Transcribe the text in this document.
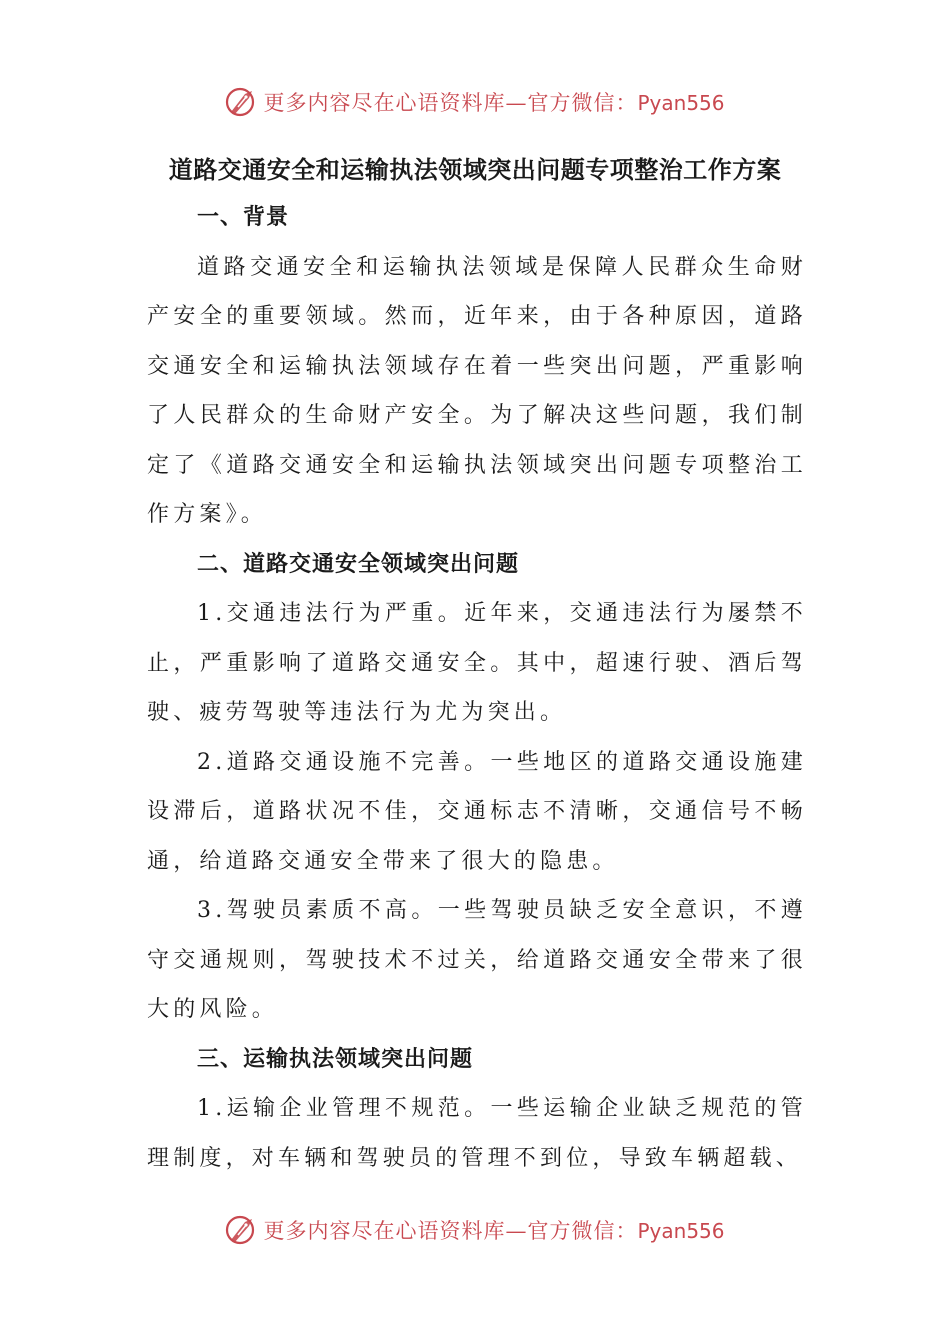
更多内容尽在心语资料库—官方微信：Pyan556
道路交通安全和运输执法领域突出问题专项整治工作方案
一、背景

道路交通安全和运输执法领域是保障人民群众生命财产安全的重要领域。然而，近年来，由于各种原因，道路交通安全和运输执法领域存在着一些突出问题，严重影响了人民群众的生命财产安全。为了解决这些问题，我们制定了《道路交通安全和运输执法领域突出问题专项整治工作方案》。

二、道路交通安全领域突出问题

1.交通违法行为严重。近年来，交通违法行为屡禁不止，严重影响了道路交通安全。其中，超速行驶、酒后驾驶、疲劳驾驶等违法行为尤为突出。

2.道路交通设施不完善。一些地区的道路交通设施建设滞后，道路状况不佳，交通标志不清晰，交通信号不畅通，给道路交通安全带来了很大的隐患。

3.驾驶员素质不高。一些驾驶员缺乏安全意识，不遵守交通规则，驾驶技术不过关，给道路交通安全带来了很大的风险。

三、运输执法领域突出问题

1.运输企业管理不规范。一些运输企业缺乏规范的管理制度，对车辆和驾驶员的管理不到位，导致车辆超载、

更多内容尽在心语资料库—官方微信：Pyan556
